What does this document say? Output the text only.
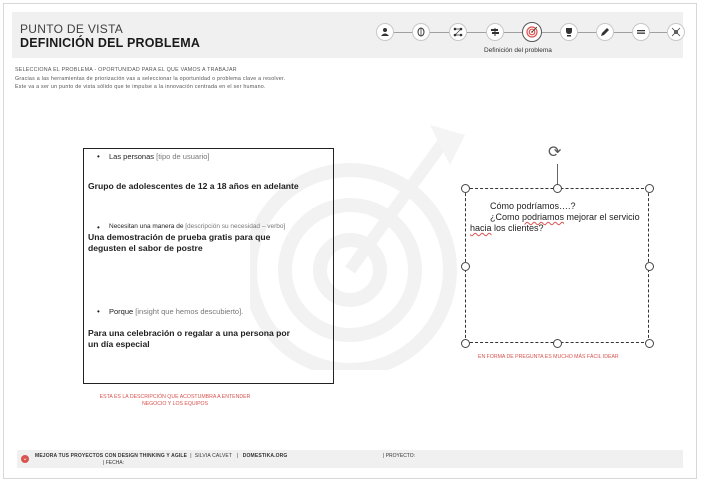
PUNTO DE VISTA
DEFINICIÓN DEL PROBLEMA
Definición del problema
SELECCIONA EL PROBLEMA - OPORTUNIDAD PARA EL QUE VAMOS A TRABAJAR
Gracias a las herramientas de priorización vas a seleccionar la oportunidad o problema clave a resolver.
Este va a ser un punto de vista sólido que te impulse a la innovación centrada en el ser humano.
• Las personas [tipo de usuario]
Grupo de adolescentes de 12 a 18 años en adelante
• Necesitan una manera de [descripción su necesidad – verbo]
Una demostración de prueba gratis para que
degusten el sabor de postre
• Porque [insight que hemos descubierto].
Para una celebración o regalar a una persona por
un día especial
ESTA ES LA DESCRIPCIÓN QUE ACOSTUMBRA A ENTENDER
NEGOCIO Y LOS EQUIPOS
⟳
Cómo podríamos….?
¿Como podriamos mejorar el servicio hacia los clientes?
EN FORMA DE PREGUNTA ES MUCHO MÁS FÁCIL IDEAR
⌄ MEJORA TUS PROYECTOS CON DESIGN THINKING Y AGILE | SILVIA CALVET | DOMESTIKA.ORG
| FECHA:
| PROYECTO:
